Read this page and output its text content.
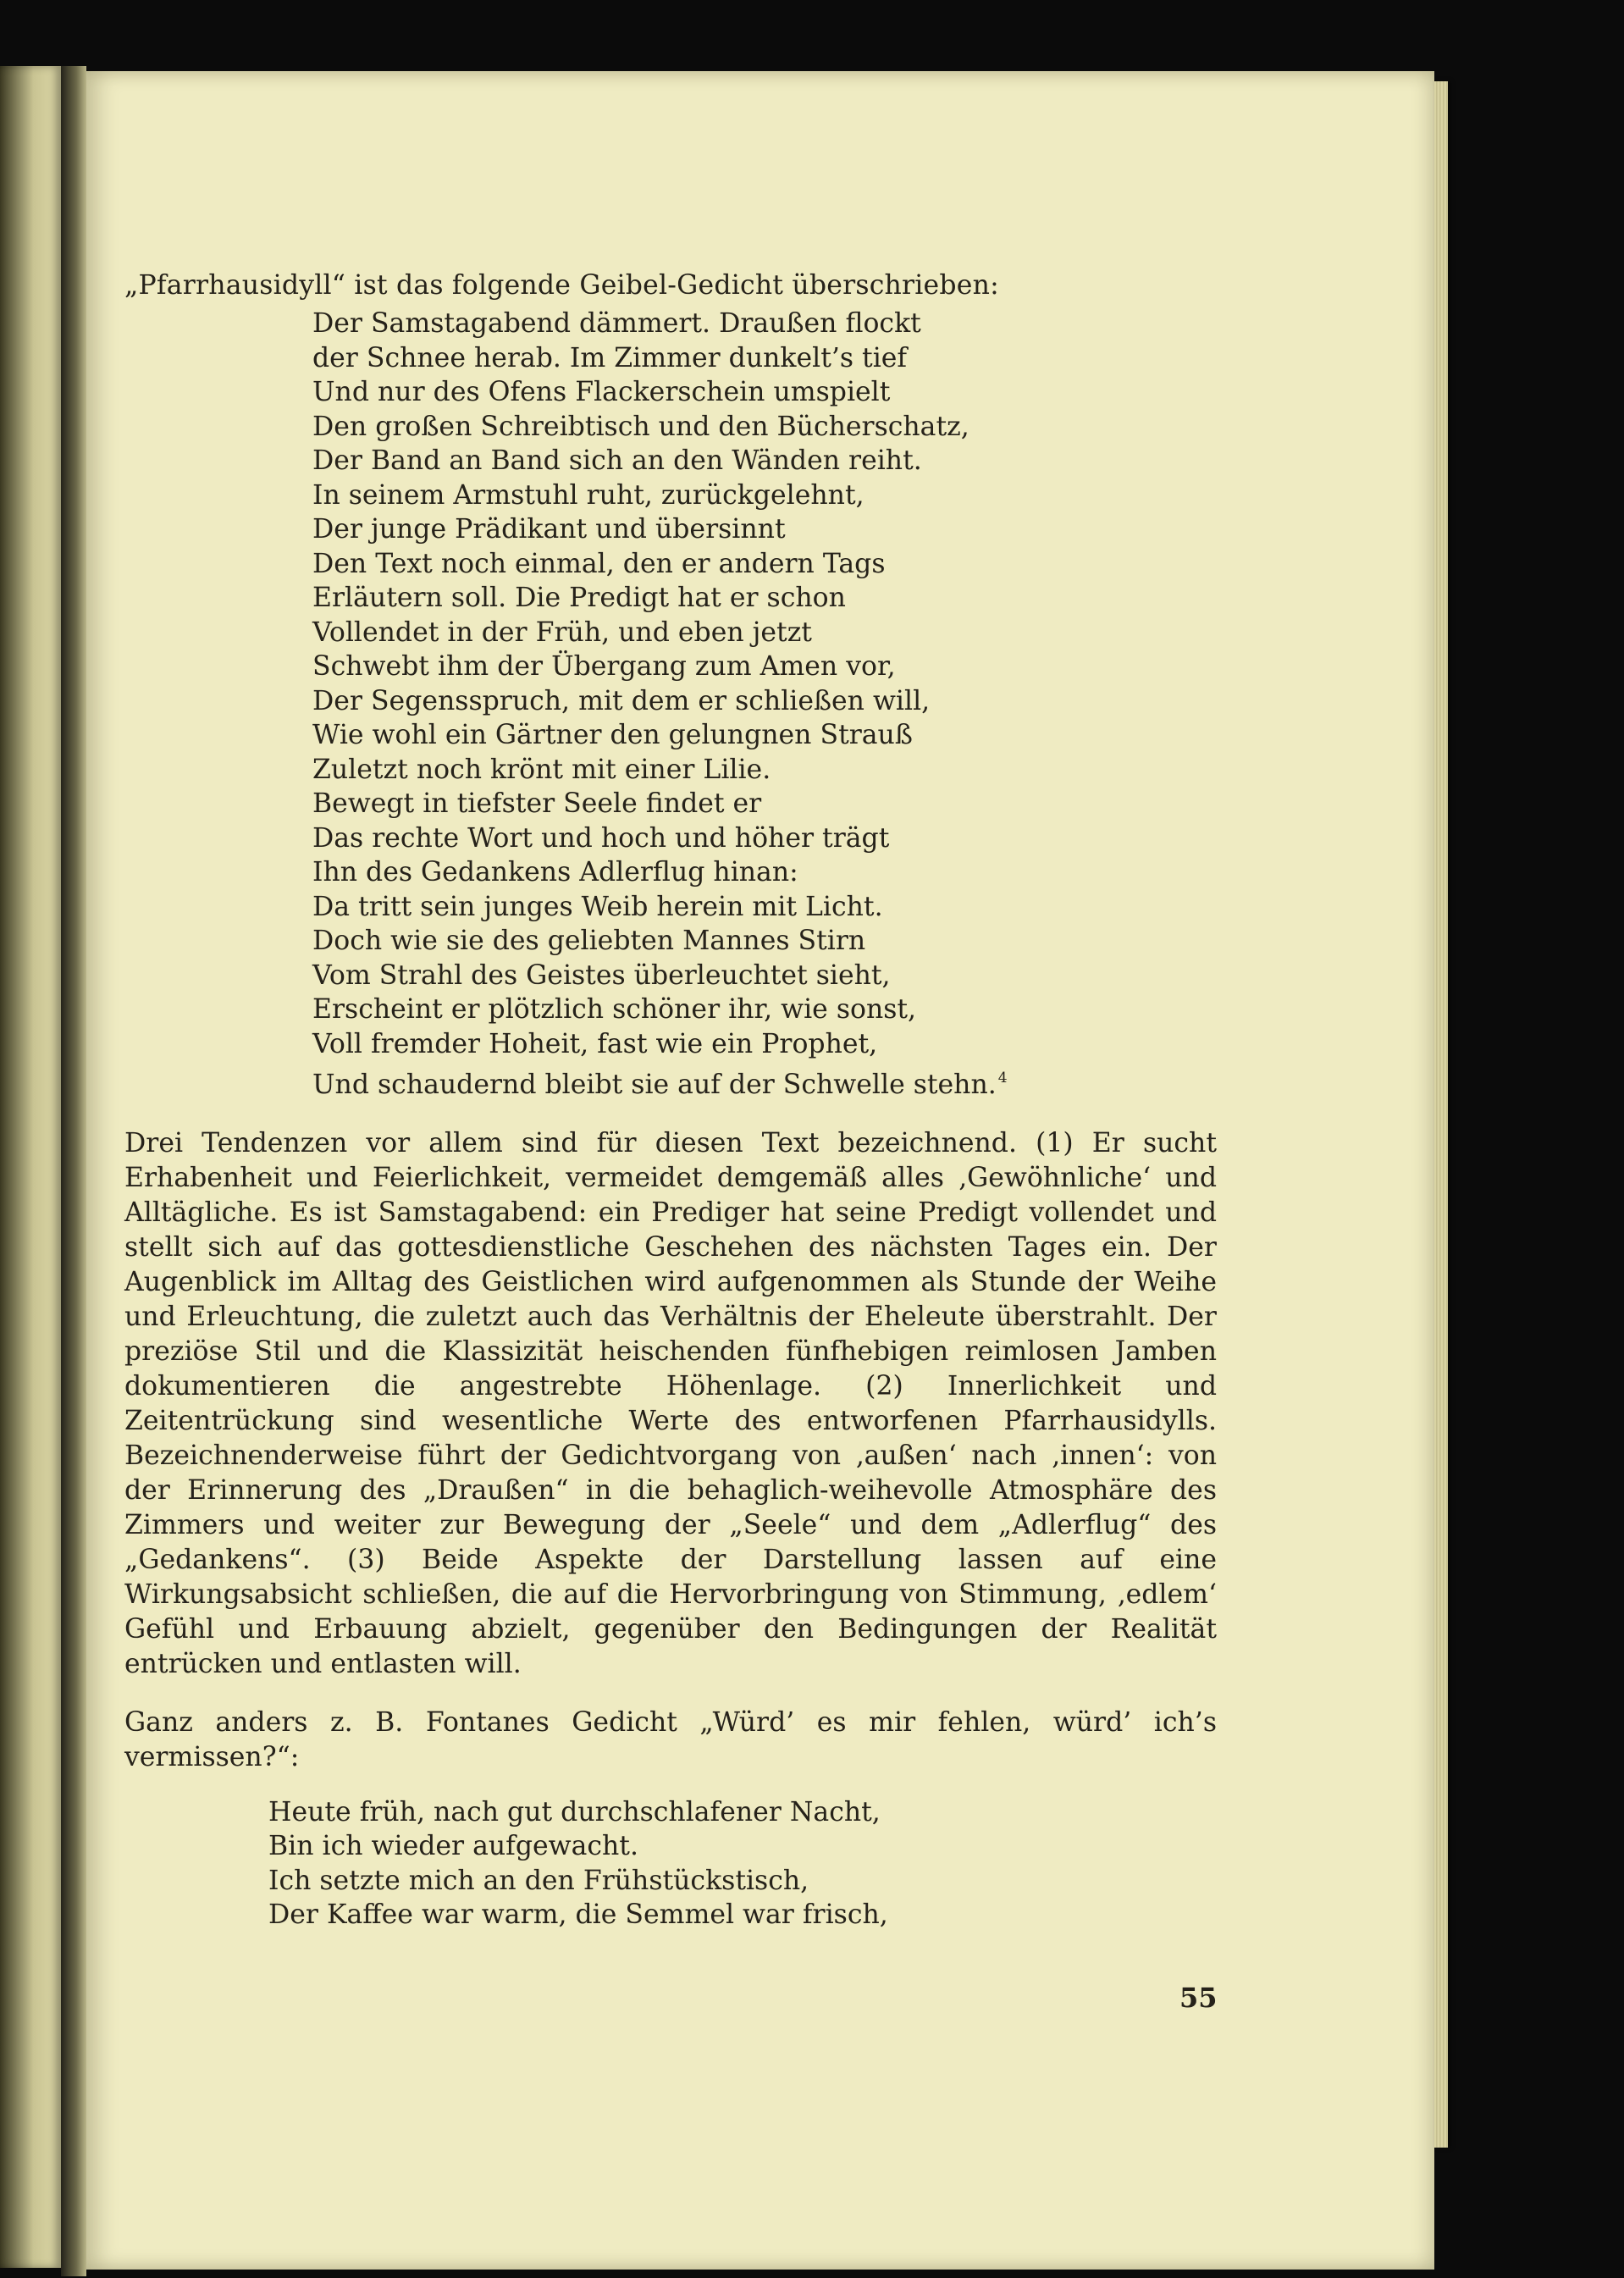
„Pfarrhausidyll“ ist das folgende Geibel-Gedicht überschrieben:

Der Samstagabend dämmert. Draußen flockt
der Schnee herab. Im Zimmer dunkelt’s tief
Und nur des Ofens Flackerschein umspielt
Den großen Schreibtisch und den Bücherschatz,
Der Band an Band sich an den Wänden reiht.
In seinem Armstuhl ruht, zurückgelehnt,
Der junge Prädikant und übersinnt
Den Text noch einmal, den er andern Tags
Erläutern soll. Die Predigt hat er schon
Vollendet in der Früh, und eben jetzt
Schwebt ihm der Übergang zum Amen vor,
Der Segensspruch, mit dem er schließen will,
Wie wohl ein Gärtner den gelungnen Strauß
Zuletzt noch krönt mit einer Lilie.
Bewegt in tiefster Seele findet er
Das rechte Wort und hoch und höher trägt
Ihn des Gedankens Adlerflug hinan:
Da tritt sein junges Weib herein mit Licht.
Doch wie sie des geliebten Mannes Stirn
Vom Strahl des Geistes überleuchtet sieht,
Erscheint er plötzlich schöner ihr, wie sonst,
Voll fremder Hoheit, fast wie ein Prophet,
Und schaudernd bleibt sie auf der Schwelle stehn. $^4$

Drei Tendenzen vor allem sind für diesen Text bezeichnend. (1) Er sucht Erhabenheit und Feierlichkeit, vermeidet demgemäß alles ‚Gewöhnliche‘ und Alltägliche. Es ist Samstagabend: ein Prediger hat seine Predigt vollendet und stellt sich auf das gottesdienstliche Geschehen des nächsten Tages ein. Der Augenblick im Alltag des Geistlichen wird aufgenommen als Stunde der Weihe und Erleuchtung, die zuletzt auch das Verhältnis der Eheleute überstrahlt. Der preziöse Stil und die Klassizität heischenden fünfhebigen reimlosen Jamben dokumentieren die angestrebte Höhenlage. (2) Innerlichkeit und Zeitentrückung sind wesentliche Werte des entworfenen Pfarrhausidylls. Bezeichnenderweise führt der Gedichtvorgang von ‚außen‘ nach ‚innen‘: von der Erinnerung des „Draußen“ in die behaglich-weihevolle Atmosphäre des Zimmers und weiter zur Bewegung der „Seele“ und dem „Adlerflug“ des „Gedankens“. (3) Beide Aspekte der Darstellung lassen auf eine Wirkungsabsicht schließen, die auf die Hervorbringung von Stimmung, ‚edlem‘ Gefühl und Erbauung abzielt, gegenüber den Bedingungen der Realität entrücken und entlasten will.

Ganz anders z. B. Fontanes Gedicht „Würd’ es mir fehlen, würd’ ich’s vermissen?“:

Heute früh, nach gut durchschlafener Nacht,
Bin ich wieder aufgewacht.
Ich setzte mich an den Frühstückstisch,
Der Kaffee war warm, die Semmel war frisch,
55
